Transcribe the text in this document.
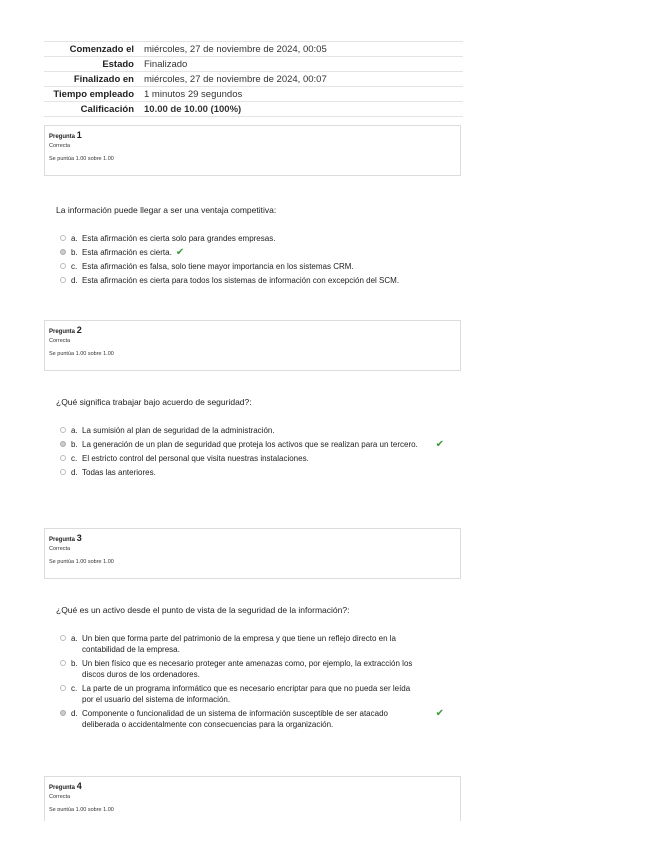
Comenzado el	miércoles, 27 de noviembre de 2024, 00:05
Estado	Finalizado
Finalizado en	miércoles, 27 de noviembre de 2024, 00:07
Tiempo empleado	1 minutos 29 segundos
Calificación	10.00 de 10.00 (100%)
Pregunta 1
Correcta
Se puntúa 1.00 sobre 1.00
La información puede llegar a ser una ventaja competitiva:
a. Esta afirmación es cierta solo para grandes empresas.
b. Esta afirmación es cierta. ✔
c. Esta afirmación es falsa, solo tiene mayor importancia en los sistemas CRM.
d. Esta afirmación es cierta para todos los sistemas de información con excepción del SCM.
Pregunta 2
Correcta
Se puntúa 1.00 sobre 1.00
¿Qué significa trabajar bajo acuerdo de seguridad?:
a. La sumisión al plan de seguridad de la administración.
b. La generación de un plan de seguridad que proteja los activos que se realizan para un tercero.	✔
c. El estricto control del personal que visita nuestras instalaciones.
d. Todas las anteriores.
Pregunta 3
Correcta
Se puntúa 1.00 sobre 1.00
¿Qué es un activo desde el punto de vista de la seguridad de la información?:
a. Un bien que forma parte del patrimonio de la empresa y que tiene un reflejo directo en la contabilidad de la empresa.
b. Un bien físico que es necesario proteger ante amenazas como, por ejemplo, la extracción los discos duros de los ordenadores.
c. La parte de un programa informático que es necesario encriptar para que no pueda ser leída por el usuario del sistema de información.
d. Componente o funcionalidad de un sistema de información susceptible de ser atacado deliberada o accidentalmente con consecuencias para la organización.
✔
Pregunta 4
Correcta
Se puntúa 1.00 sobre 1.00
